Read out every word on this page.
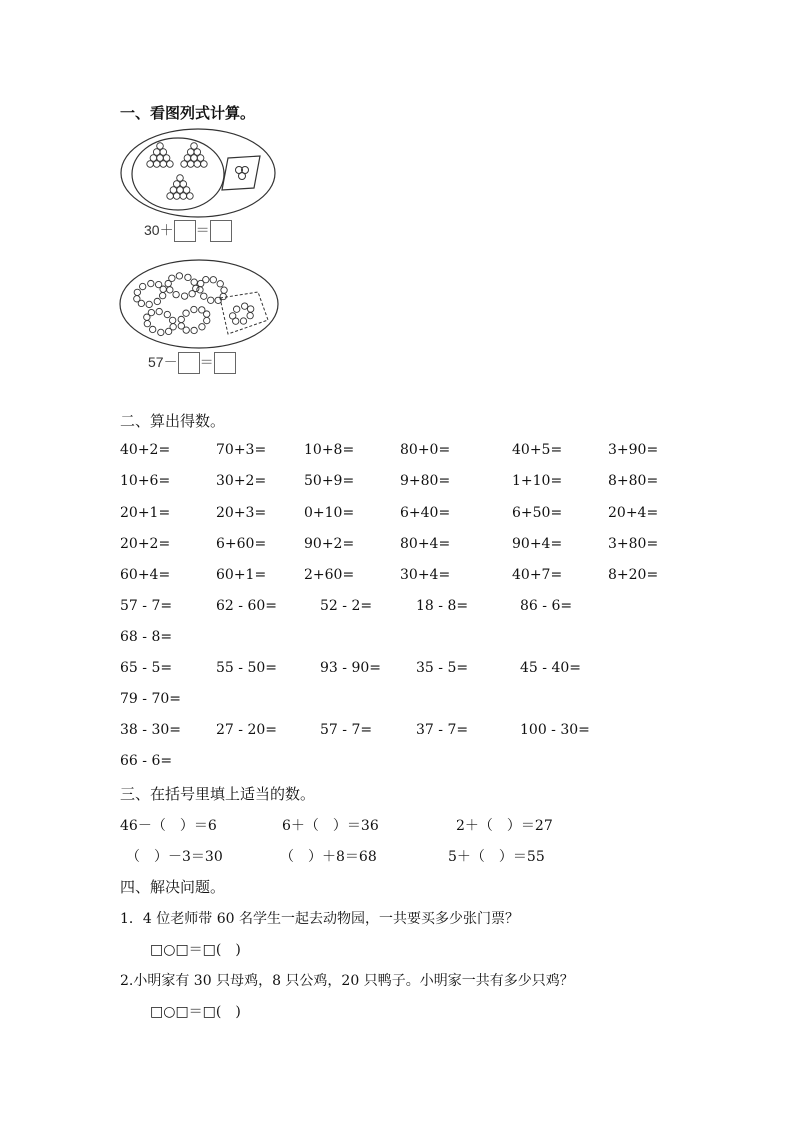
一、看图列式计算。
30＋ ＝
57－ ＝
二、算出得数。
40+2=	70+3=	10+8=	80+0=	40+5=	3+90=
10+6=	30+2=	50+9=	9+80=	1+10=	8+80=
20+1=	20+3=	0+10=	6+40=	6+50=	20+4=
20+2=	6+60=	90+2=	80+4=	90+4=	3+80=
60+4=	60+1=	2+60=	30+4=	40+7=	8+20=
57 - 7=	62 - 60=	52 - 2=	18 - 8=	86 - 6=
68 - 8=
65 - 5=	55 - 50=	93 - 90=	35 - 5=	45 - 40=
79 - 70=
38 - 30=	27 - 20=	57 - 7=	37 - 7=	100 - 30=
66 - 6=
三、在括号里填上适当的数。
46－（　）＝6	6＋（　）＝36	2＋（　）＝27
（　）－3＝30	（　）＋8＝68	5＋（　）＝55
四、解决问题。
1．4 位老师带 60 名学生一起去动物园，一共要买多少张门票？
□○□＝□(　)
2.小明家有 30 只母鸡，8 只公鸡，20 只鸭子。小明家一共有多少只鸡？
□○□＝□(　)
